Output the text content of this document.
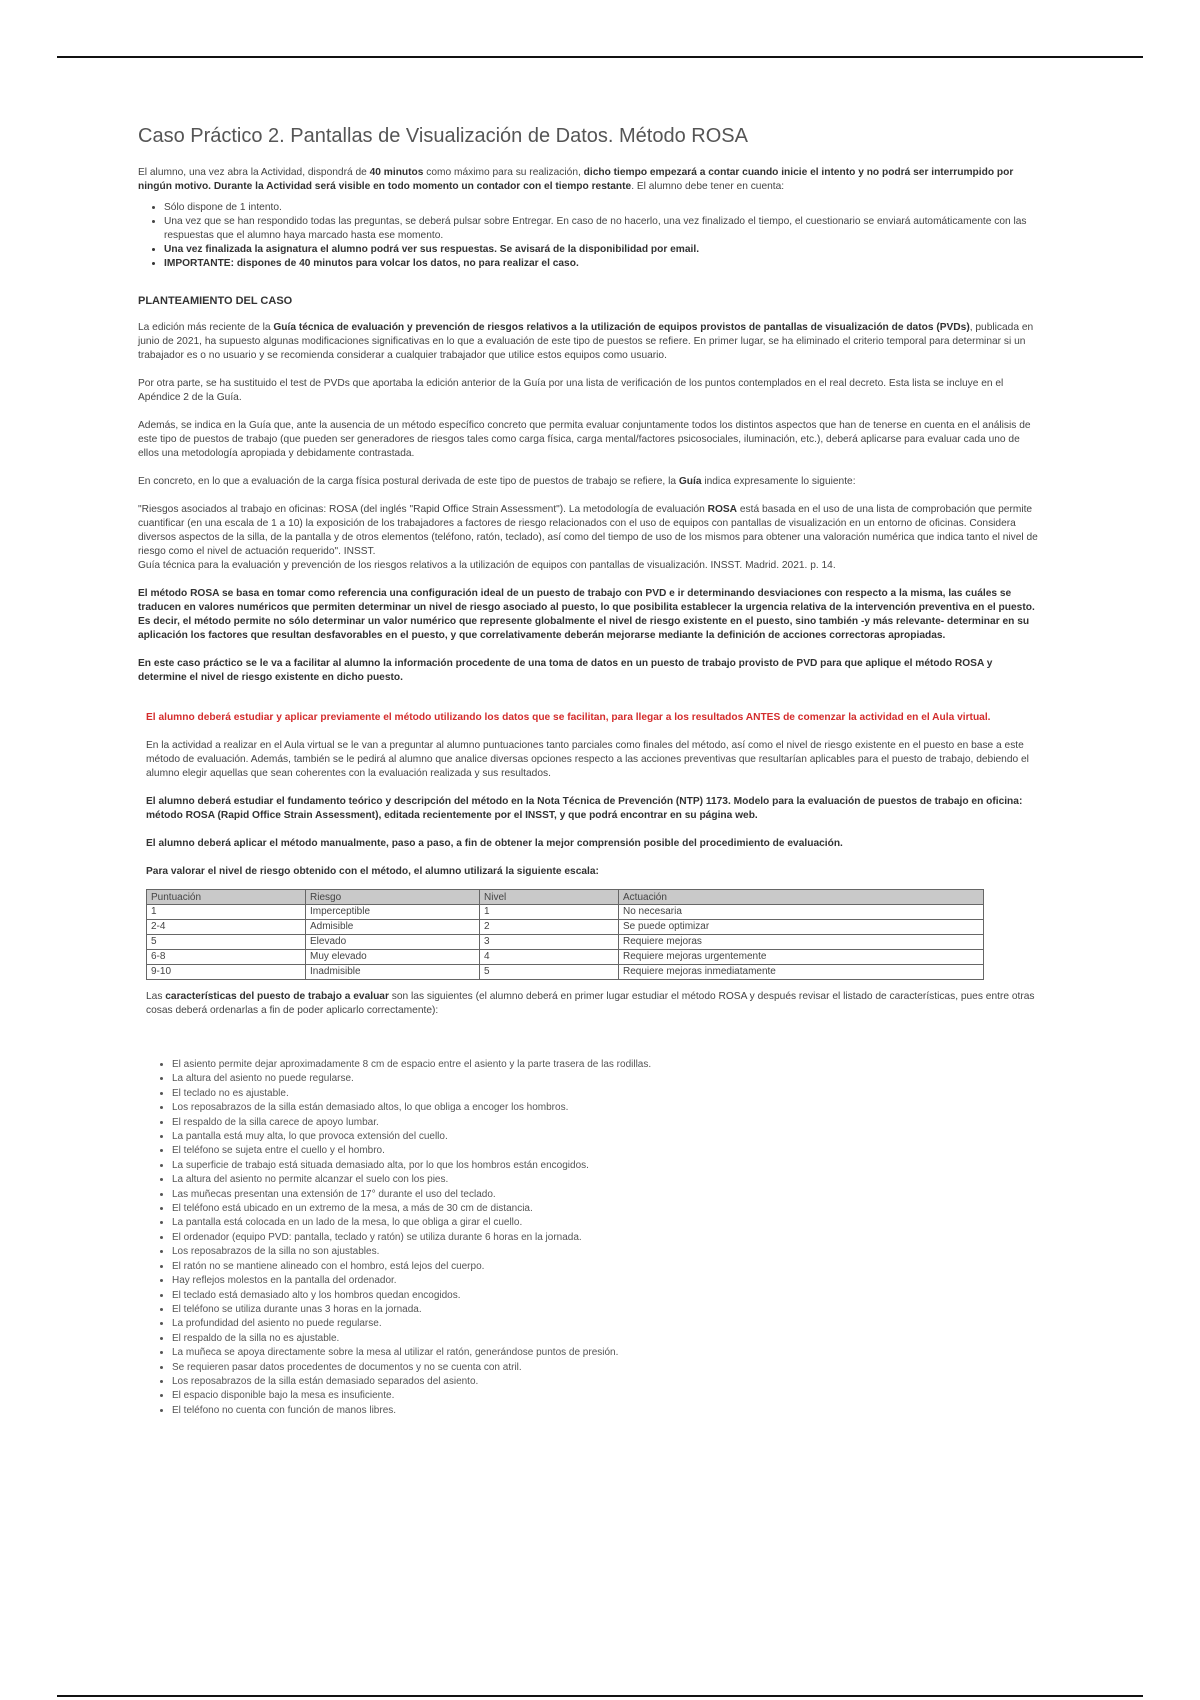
Caso Práctico 2. Pantallas de Visualización de Datos. Método ROSA

El alumno, una vez abra la Actividad, dispondrá de 40 minutos como máximo para su realización, dicho tiempo empezará a contar cuando inicie el intento y no podrá ser interrumpido por ningún motivo. Durante la Actividad será visible en todo momento un contador con el tiempo restante. El alumno debe tener en cuenta:

• Sólo dispone de 1 intento.
• Una vez que se han respondido todas las preguntas, se deberá pulsar sobre Entregar. En caso de no hacerlo, una vez finalizado el tiempo, el cuestionario se enviará automáticamente con las respuestas que el alumno haya marcado hasta ese momento.
• Una vez finalizada la asignatura el alumno podrá ver sus respuestas. Se avisará de la disponibilidad por email.
• IMPORTANTE: dispones de 40 minutos para volcar los datos, no para realizar el caso.
PLANTEAMIENTO DEL CASO

La edición más reciente de la Guía técnica de evaluación y prevención de riesgos relativos a la utilización de equipos provistos de pantallas de visualización de datos (PVDs), publicada en junio de 2021, ha supuesto algunas modificaciones significativas en lo que a evaluación de este tipo de puestos se refiere. En primer lugar, se ha eliminado el criterio temporal para determinar si un trabajador es o no usuario y se recomienda considerar a cualquier trabajador que utilice estos equipos como usuario.

Por otra parte, se ha sustituido el test de PVDs que aportaba la edición anterior de la Guía por una lista de verificación de los puntos contemplados en el real decreto. Esta lista se incluye en el Apéndice 2 de la Guía.

Además, se indica en la Guía que, ante la ausencia de un método específico concreto que permita evaluar conjuntamente todos los distintos aspectos que han de tenerse en cuenta en el análisis de este tipo de puestos de trabajo (que pueden ser generadores de riesgos tales como carga física, carga mental/factores psicosociales, iluminación, etc.), deberá aplicarse para evaluar cada uno de ellos una metodología apropiada y debidamente contrastada.

En concreto, en lo que a evaluación de la carga física postural derivada de este tipo de puestos de trabajo se refiere, la Guía indica expresamente lo siguiente:

"Riesgos asociados al trabajo en oficinas: ROSA (del inglés "Rapid Office Strain Assessment"). La metodología de evaluación ROSA está basada en el uso de una lista de comprobación que permite cuantificar (en una escala de 1 a 10) la exposición de los trabajadores a factores de riesgo relacionados con el uso de equipos con pantallas de visualización en un entorno de oficinas. Considera diversos aspectos de la silla, de la pantalla y de otros elementos (teléfono, ratón, teclado), así como del tiempo de uso de los mismos para obtener una valoración numérica que indica tanto el nivel de riesgo como el nivel de actuación requerido". INSST.

Guía técnica para la evaluación y prevención de los riesgos relativos a la utilización de equipos con pantallas de visualización. INSST. Madrid. 2021. p. 14.

El método ROSA se basa en tomar como referencia una configuración ideal de un puesto de trabajo con PVD e ir determinando desviaciones con respecto a la misma, las cuáles se traducen en valores numéricos que permiten determinar un nivel de riesgo asociado al puesto, lo que posibilita establecer la urgencia relativa de la intervención preventiva en el puesto. Es decir, el método permite no sólo determinar un valor numérico que represente globalmente el nivel de riesgo existente en el puesto, sino también -y más relevante- determinar en su aplicación los factores que resultan desfavorables en el puesto, y que correlativamente deberán mejorarse mediante la definición de acciones correctoras apropiadas.

En este caso práctico se le va a facilitar al alumno la información procedente de una toma de datos en un puesto de trabajo provisto de PVD para que aplique el método ROSA y determine el nivel de riesgo existente en dicho puesto.

El alumno deberá estudiar y aplicar previamente el método utilizando los datos que se facilitan, para llegar a los resultados ANTES de comenzar la actividad en el Aula virtual.

En la actividad a realizar en el Aula virtual se le van a preguntar al alumno puntuaciones tanto parciales como finales del método, así como el nivel de riesgo existente en el puesto en base a este método de evaluación. Además, también se le pedirá al alumno que analice diversas opciones respecto a las acciones preventivas que resultarían aplicables para el puesto de trabajo, debiendo el alumno elegir aquellas que sean coherentes con la evaluación realizada y sus resultados.

El alumno deberá estudiar el fundamento teórico y descripción del método en la Nota Técnica de Prevención (NTP) 1173. Modelo para la evaluación de puestos de trabajo en oficina: método ROSA (Rapid Office Strain Assessment), editada recientemente por el INSST, y que podrá encontrar en su página web.

El alumno deberá aplicar el método manualmente, paso a paso, a fin de obtener la mejor comprensión posible del procedimiento de evaluación.

Para valorar el nivel de riesgo obtenido con el método, el alumno utilizará la siguiente escala:

Puntuación	Riesgo	Nivel	Actuación
1	Imperceptible	1	No necesaria
2-4	Admisible	2	Se puede optimizar
5	Elevado	3	Requiere mejoras
6-8	Muy elevado	4	Requiere mejoras urgentemente
9-10	Inadmisible	5	Requiere mejoras inmediatamente

Las características del puesto de trabajo a evaluar son las siguientes (el alumno deberá en primer lugar estudiar el método ROSA y después revisar el listado de características, pues entre otras cosas deberá ordenarlas a fin de poder aplicarlo correctamente):

• El asiento permite dejar aproximadamente 8 cm de espacio entre el asiento y la parte trasera de las rodillas.
• La altura del asiento no puede regularse.
• El teclado no es ajustable.
• Los reposabrazos de la silla están demasiado altos, lo que obliga a encoger los hombros.
• El respaldo de la silla carece de apoyo lumbar.
• La pantalla está muy alta, lo que provoca extensión del cuello.
• El teléfono se sujeta entre el cuello y el hombro.
• La superficie de trabajo está situada demasiado alta, por lo que los hombros están encogidos.
• La altura del asiento no permite alcanzar el suelo con los pies.
• Las muñecas presentan una extensión de 17° durante el uso del teclado.
• El teléfono está ubicado en un extremo de la mesa, a más de 30 cm de distancia.
• La pantalla está colocada en un lado de la mesa, lo que obliga a girar el cuello.
• El ordenador (equipo PVD: pantalla, teclado y ratón) se utiliza durante 6 horas en la jornada.
• Los reposabrazos de la silla no son ajustables.
• El ratón no se mantiene alineado con el hombro, está lejos del cuerpo.
• Hay reflejos molestos en la pantalla del ordenador.
• El teclado está demasiado alto y los hombros quedan encogidos.
• El teléfono se utiliza durante unas 3 horas en la jornada.
• La profundidad del asiento no puede regularse.
• El respaldo de la silla no es ajustable.
• La muñeca se apoya directamente sobre la mesa al utilizar el ratón, generándose puntos de presión.
• Se requieren pasar datos procedentes de documentos y no se cuenta con atril.
• Los reposabrazos de la silla están demasiado separados del asiento.
• El espacio disponible bajo la mesa es insuficiente.
• El teléfono no cuenta con función de manos libres.
